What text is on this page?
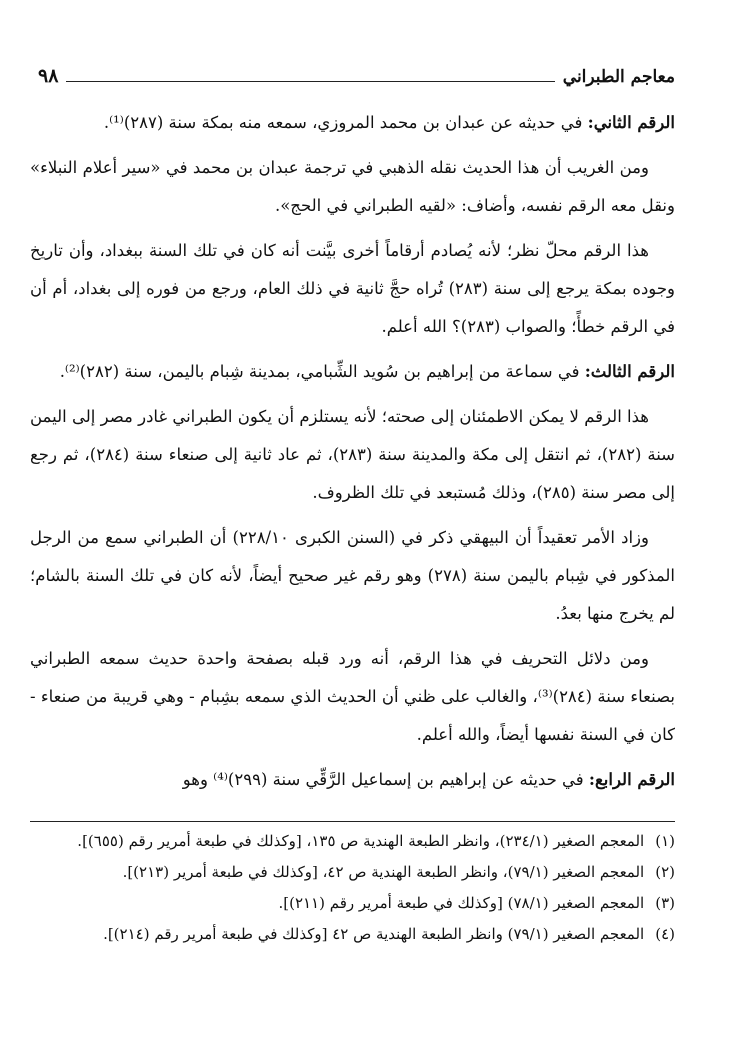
معاجم الطبراني
٩٨

الرقم الثاني: في حديثه عن عبدان بن محمد المروزي، سمعه منه بمكة سنة (٢٨٧)⁽¹⁾.

ومن الغريب أن هذا الحديث نقله الذهبي في ترجمة عبدان بن محمد في «سير أعلام النبلاء» ونقل معه الرقم نفسه، وأضاف: «لقيه الطبراني في الحج».

هذا الرقم محلّ نظر؛ لأنه يُصادم أرقاماً أخرى بيَّنت أنه كان في تلك السنة ببغداد، وأن تاريخ وجوده بمكة يرجع إلى سنة (٢٨٣) تُراه حجَّ ثانية في ذلك العام، ورجع من فوره إلى بغداد، أم أن في الرقم خطأً؛ والصواب (٢٨٣)؟ الله أعلم.

الرقم الثالث: في سماعة من إبراهيم بن سُويد الشِّبامي، بمدينة شِبام باليمن، سنة (٢٨٢)⁽²⁾.

هذا الرقم لا يمكن الاطمئنان إلى صحته؛ لأنه يستلزم أن يكون الطبراني غادر مصر إلى اليمن سنة (٢٨٢)، ثم انتقل إلى مكة والمدينة سنة (٢٨٣)، ثم عاد ثانية إلى صنعاء سنة (٢٨٤)، ثم رجع إلى مصر سنة (٢٨٥)، وذلك مُستبعد في تلك الظروف.

وزاد الأمر تعقيداً أن البيهقي ذكر في (السنن الكبرى ٢٢٨/١٠) أن الطبراني سمع من الرجل المذكور في شِبام باليمن سنة (٢٧٨) وهو رقم غير صحيح أيضاً، لأنه كان في تلك السنة بالشام؛ لم يخرج منها بعدُ.

ومن دلائل التحريف في هذا الرقم، أنه ورد قبله بصفحة واحدة حديث سمعه الطبراني بصنعاء سنة (٢٨٤)⁽³⁾، والغالب على ظني أن الحديث الذي سمعه بشِبام - وهي قريبة من صنعاء - كان في السنة نفسها أيضاً، والله أعلم.

الرقم الرابع: في حديثه عن إبراهيم بن إسماعيل الرَّقِّي سنة (٢٩٩)⁽⁴⁾ وهو

(١) المعجم الصغير (٢٣٤/١)، وانظر الطبعة الهندية ص ١٣٥، [وكذلك في طبعة أمرير رقم (٦٥٥)].

(٢) المعجم الصغير (٧٩/١)، وانظر الطبعة الهندية ص ٤٢، [وكذلك في طبعة أمرير (٢١٣)].

(٣) المعجم الصغير (٧٨/١) [وكذلك في طبعة أمرير رقم (٢١١)].

(٤) المعجم الصغير (٧٩/١) وانظر الطبعة الهندية ص ٤٢ [وكذلك في طبعة أمرير رقم (٢١٤)].
